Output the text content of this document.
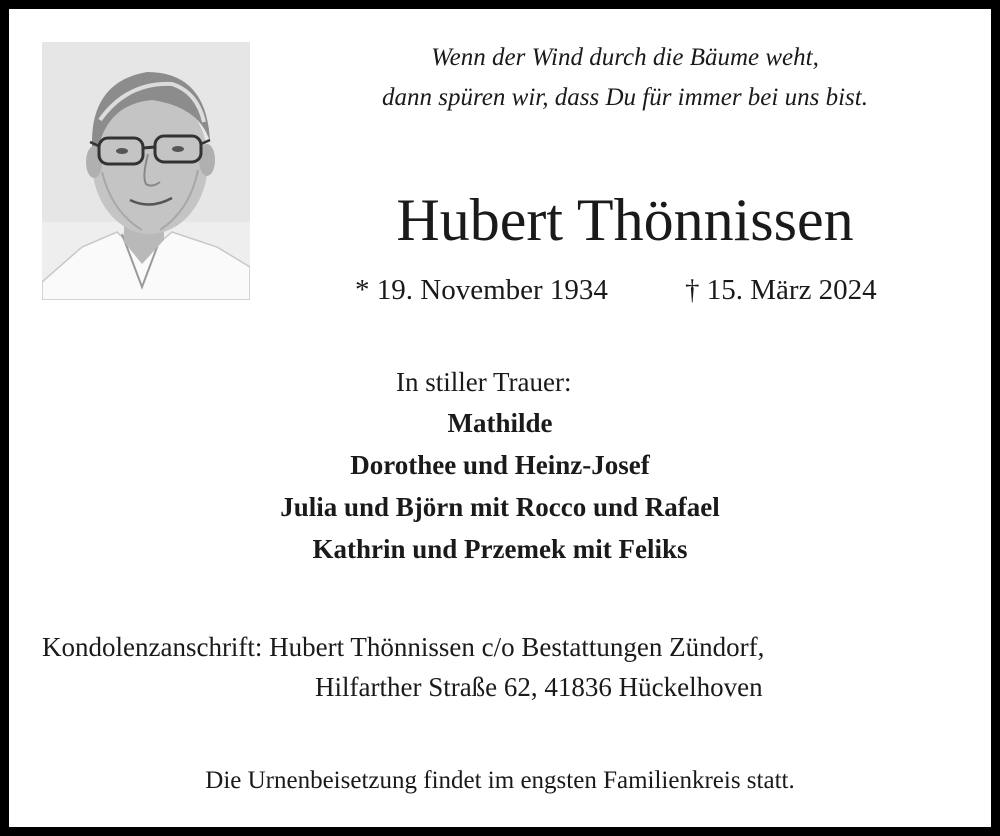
Wenn der Wind durch die Bäume weht,
dann spüren wir, dass Du für immer bei uns bist.
Hubert Thönnissen
* 19. November 1934	† 15. März 2024
In stiller Trauer:
Mathilde
Dorothee und Heinz-Josef
Julia und Björn mit Rocco und Rafael
Kathrin und Przemek mit Feliks
Kondolenzanschrift: Hubert Thönnissen c/o Bestattungen Zündorf,
Hilfarther Straße 62, 41836 Hückelhoven
Die Urnenbeisetzung findet im engsten Familienkreis statt.
